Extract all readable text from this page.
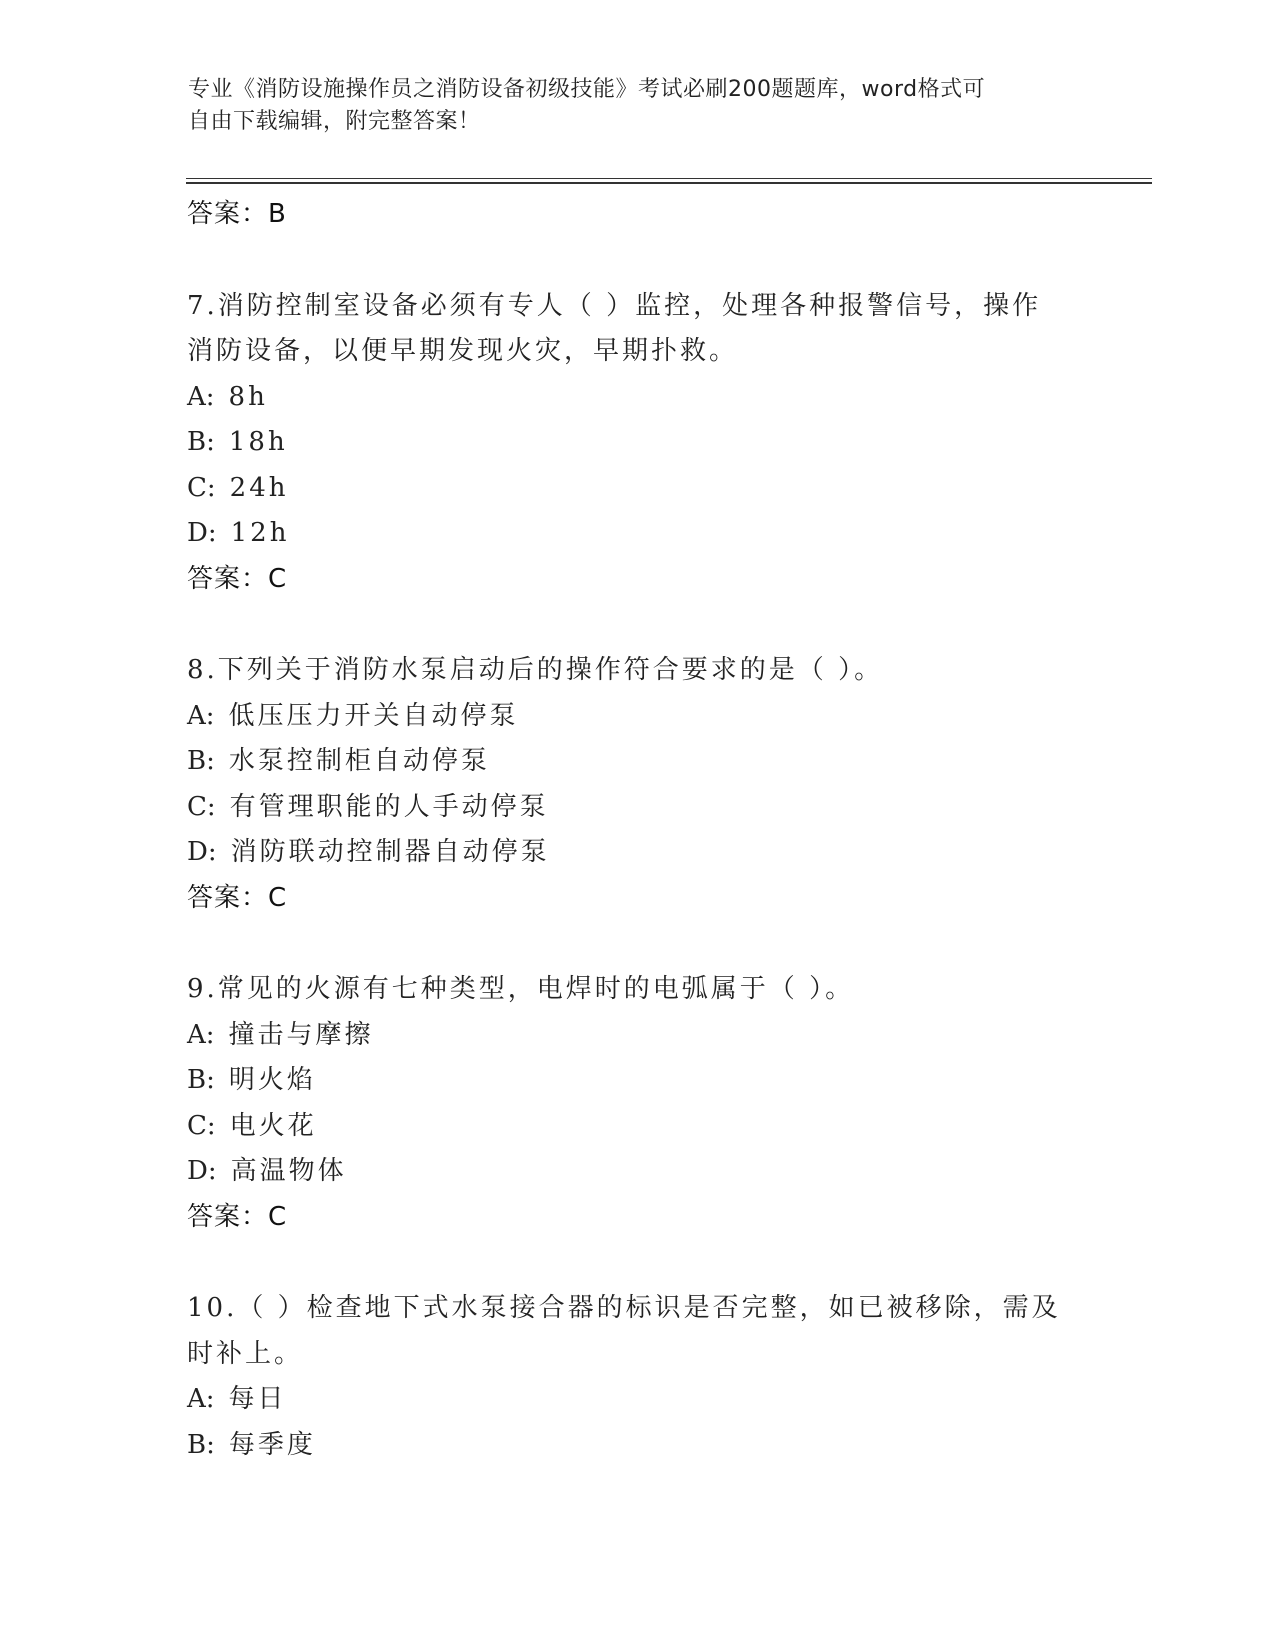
专业《消防设施操作员之消防设备初级技能》考试必刷200题题库，word格式可
自由下载编辑，附完整答案！
答案：B
7.消防控制室设备必须有专人（ ）监控，处理各种报警信号，操作
消防设备，以便早期发现火灾，早期扑救。
A: 8h
B: 18h
C: 24h
D: 12h
答案：C
8.下列关于消防水泵启动后的操作符合要求的是（ ）。
A: 低压压力开关自动停泵
B: 水泵控制柜自动停泵
C: 有管理职能的人手动停泵
D: 消防联动控制器自动停泵
答案：C
9.常见的火源有七种类型，电焊时的电弧属于（ ）。
A: 撞击与摩擦
B: 明火焰
C: 电火花
D: 高温物体
答案：C
10.（ ）检查地下式水泵接合器的标识是否完整，如已被移除，需及
时补上。
A: 每日
B: 每季度
